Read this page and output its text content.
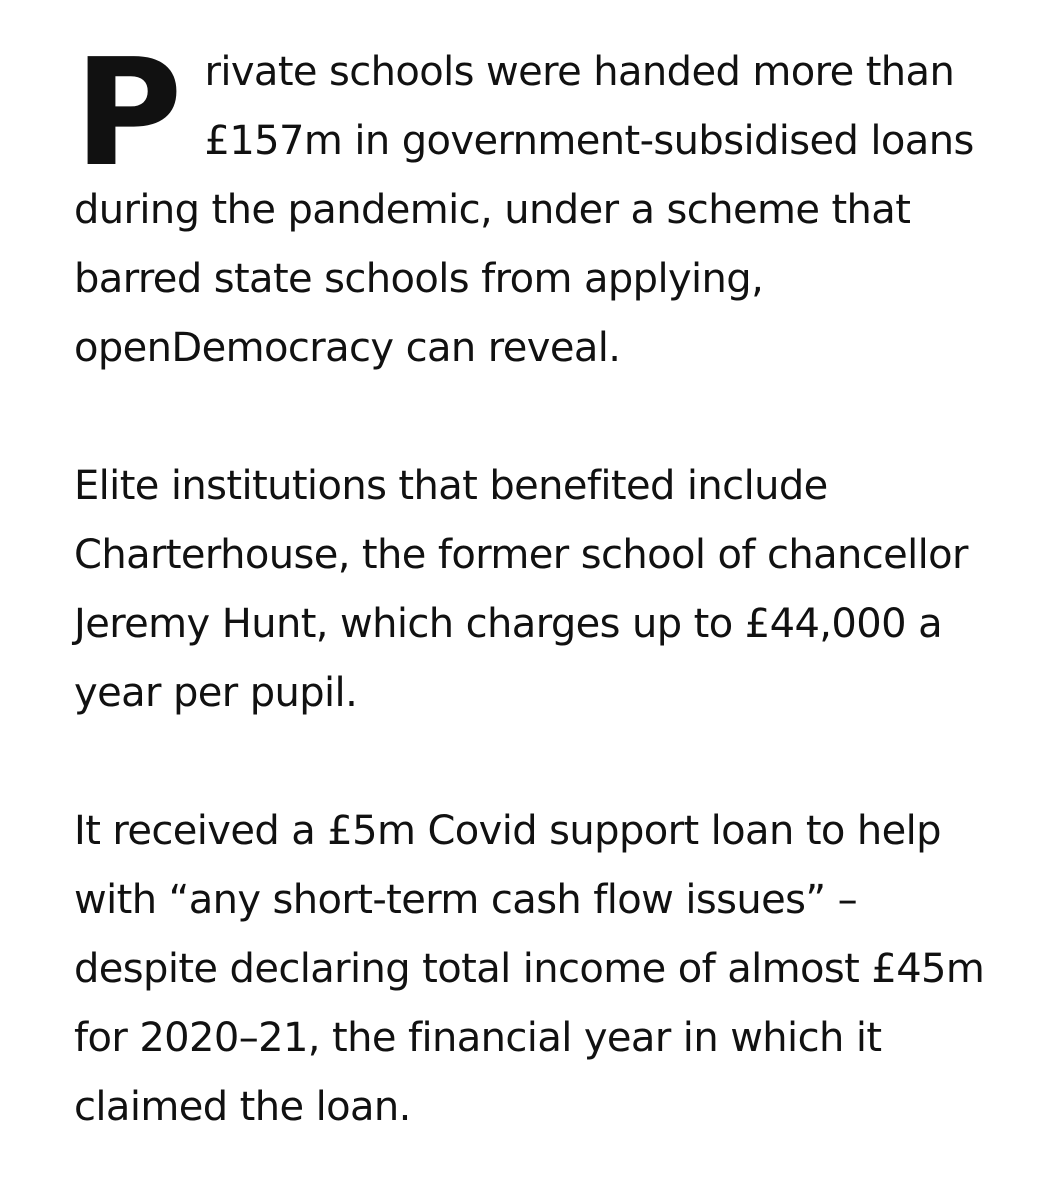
P rivate schools were handed more than
£157m in government-subsidised loans
during the pandemic, under a scheme that
barred state schools from applying,
openDemocracy can reveal.

Elite institutions that benefited include
Charterhouse, the former school of chancellor
Jeremy Hunt, which charges up to £44,000 a
year per pupil.

It received a £5m Covid support loan to help
with “any short-term cash flow issues” –
despite declaring total income of almost £45m
for 2020–21, the financial year in which it
claimed the loan.
